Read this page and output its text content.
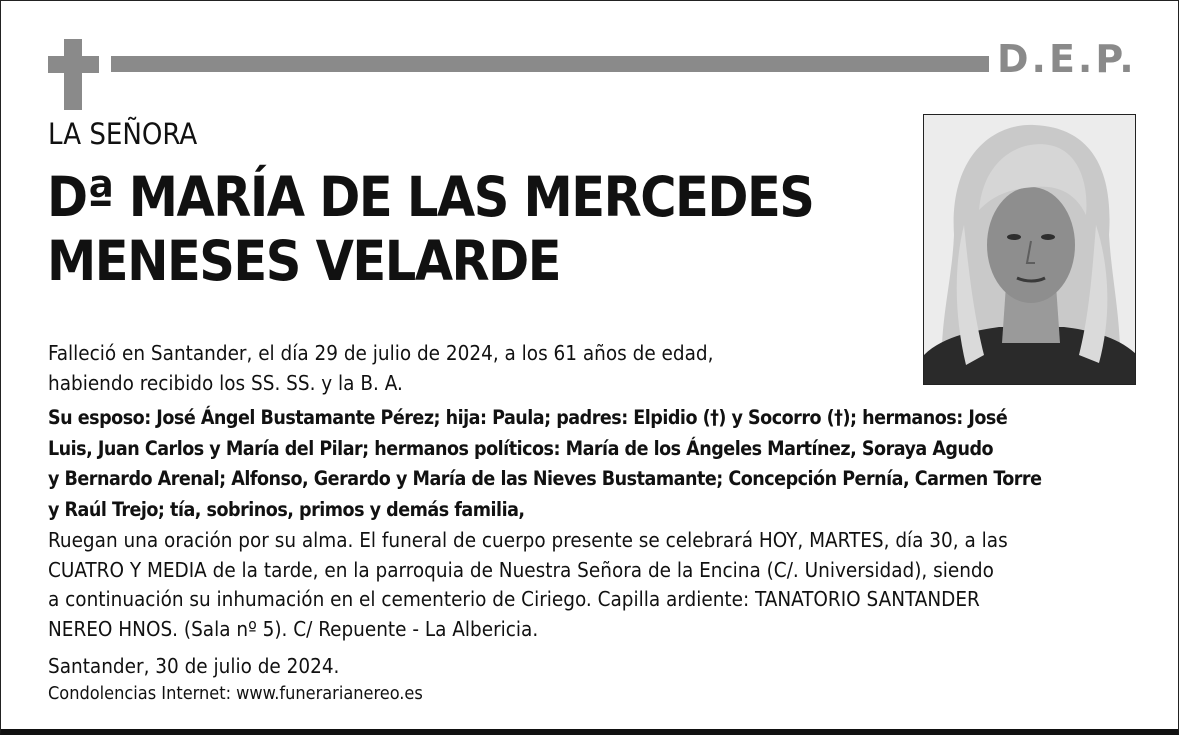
D.E.P.
LA SEÑORA
Dª MARÍA DE LAS MERCEDES
MENESES VELARDE
Falleció en Santander, el día 29 de julio de 2024, a los 61 años de edad,
habiendo recibido los SS. SS. y la B. A.
Su esposo: José Ángel Bustamante Pérez; hija: Paula; padres: Elpidio (†) y Socorro (†); hermanos: José
Luis, Juan Carlos y María del Pilar; hermanos políticos: María de los Ángeles Martínez, Soraya Agudo
y Bernardo Arenal; Alfonso, Gerardo y María de las Nieves Bustamante; Concepción Pernía, Carmen Torre
y Raúl Trejo; tía, sobrinos, primos y demás familia,
Ruegan una oración por su alma. El funeral de cuerpo presente se celebrará HOY, MARTES, día 30, a las
CUATRO Y MEDIA de la tarde, en la parroquia de Nuestra Señora de la Encina (C/. Universidad), siendo
a continuación su inhumación en el cementerio de Ciriego. Capilla ardiente: TANATORIO SANTANDER
NEREO HNOS. (Sala nº 5). C/ Repuente - La Albericia.
Santander, 30 de julio de 2024.
Condolencias Internet: www.funerarianereo.es
